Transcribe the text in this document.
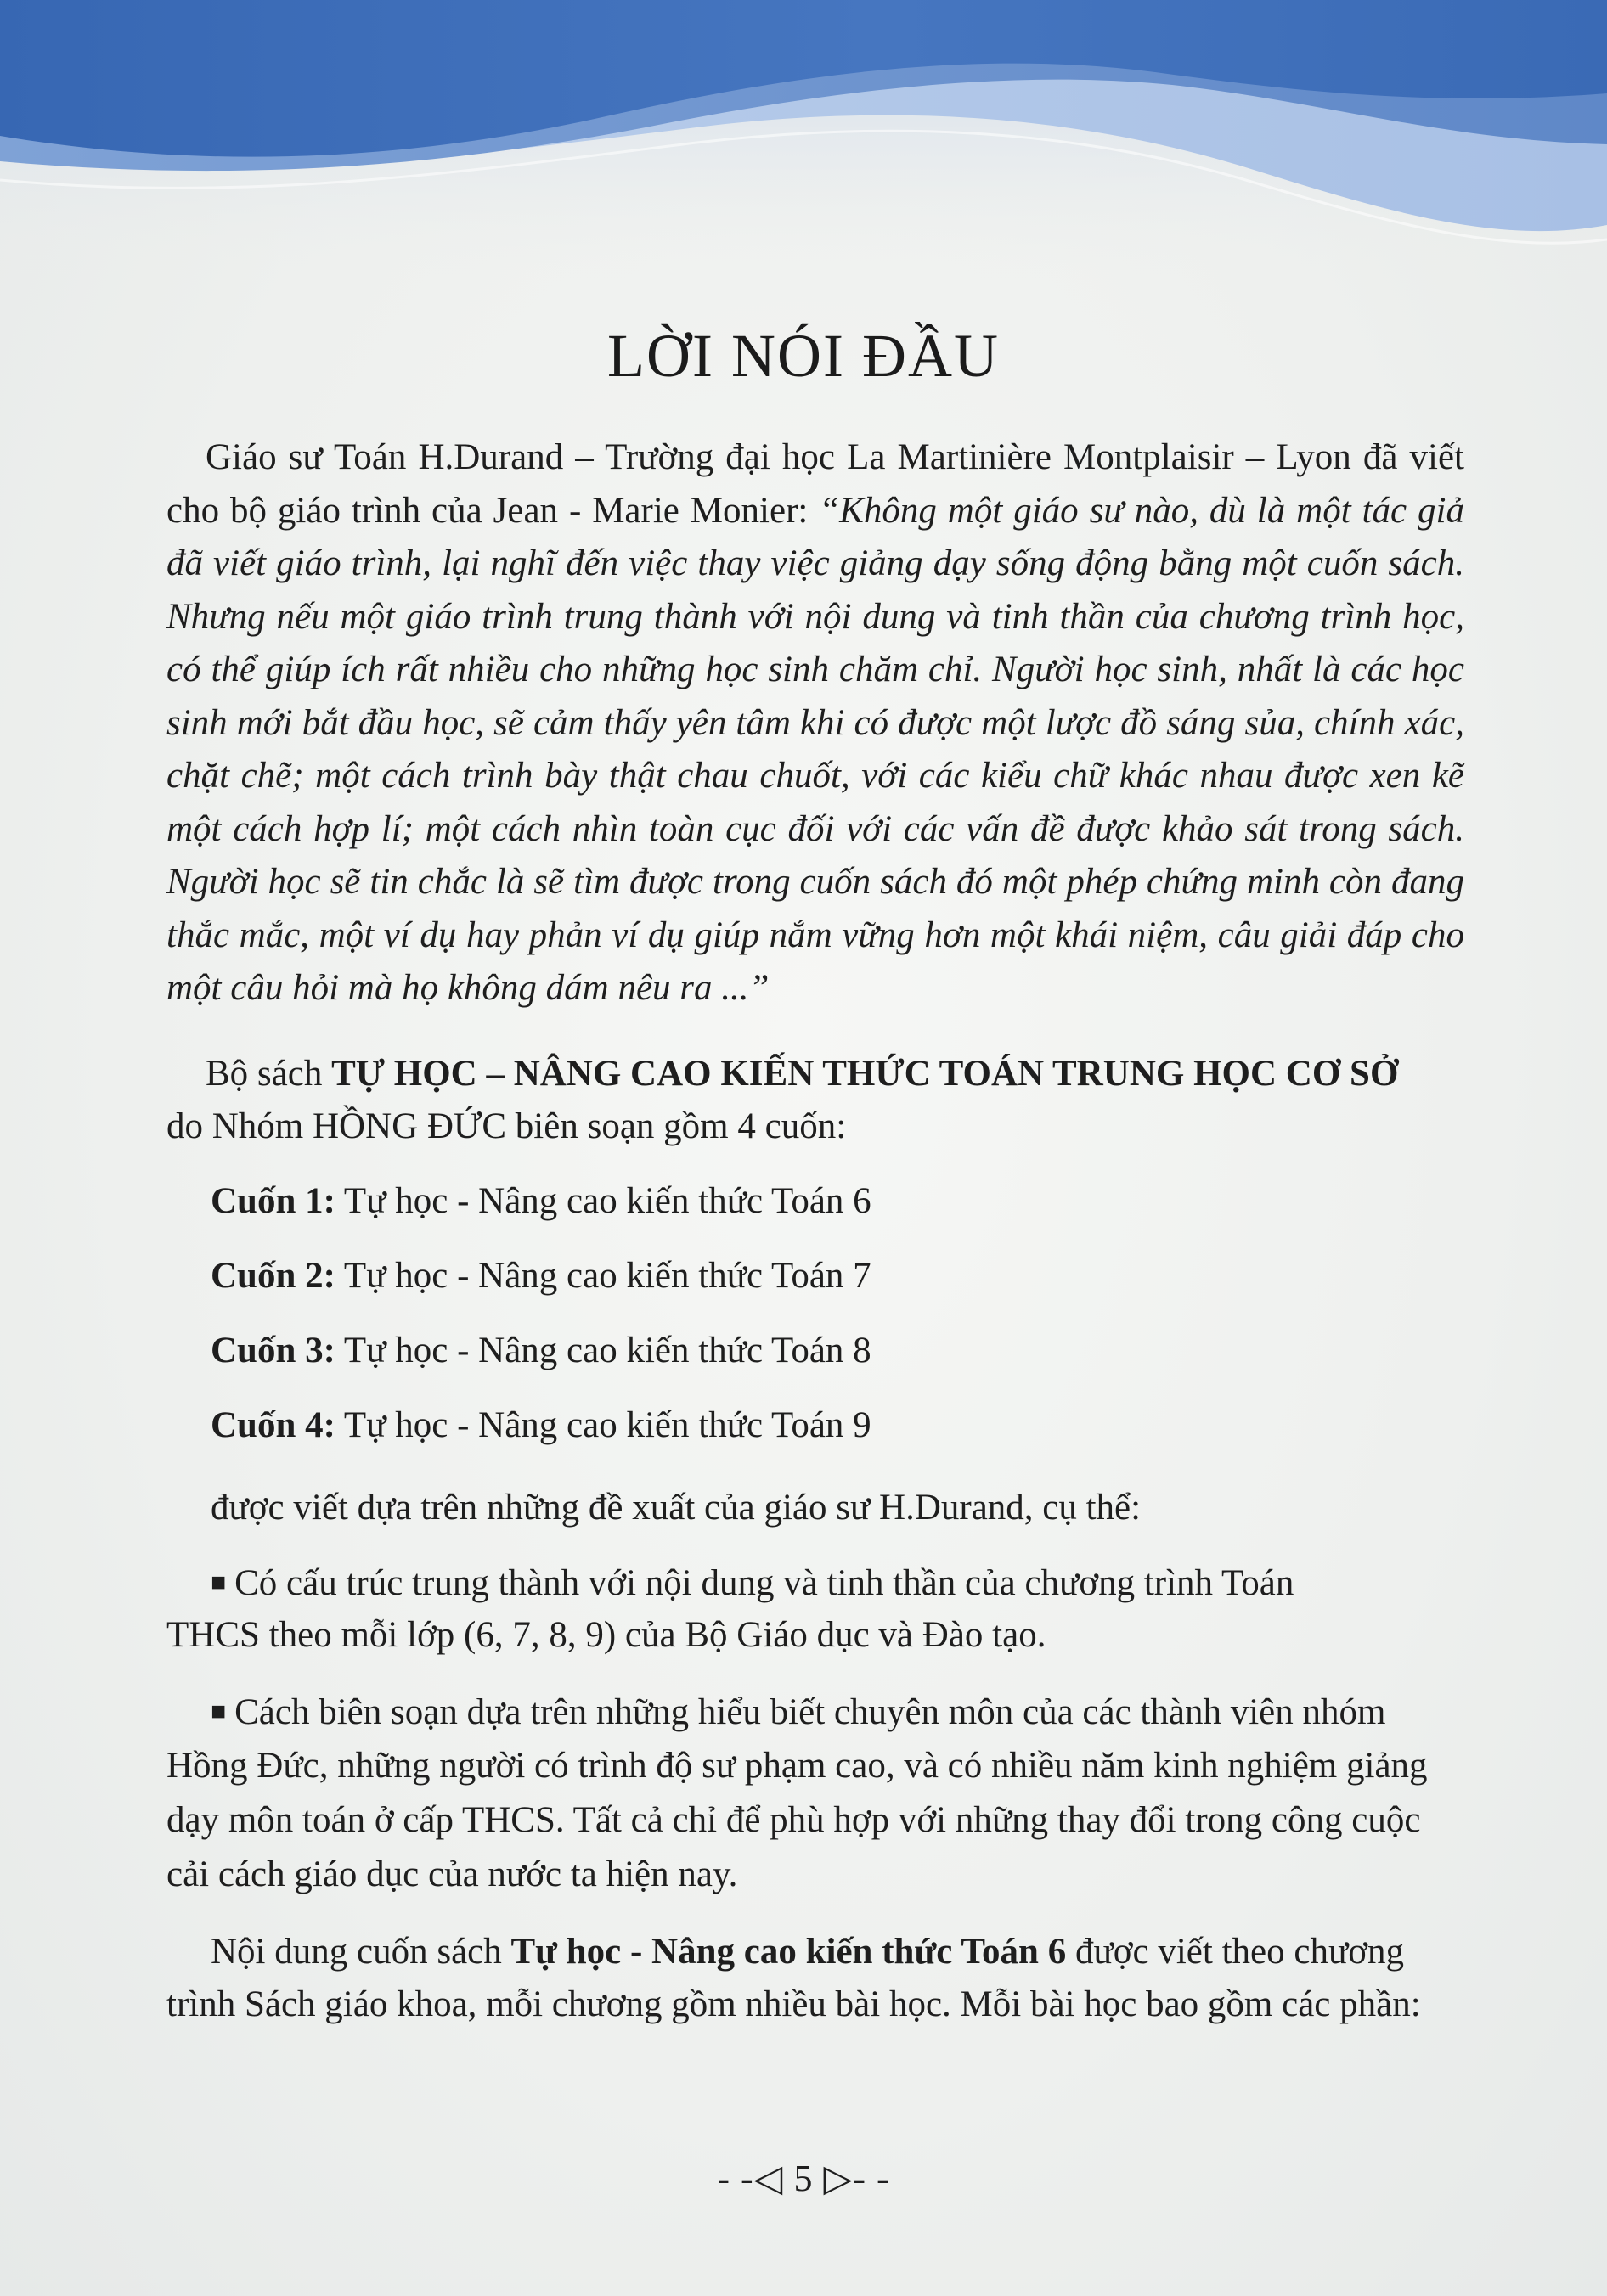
LỜI NÓI ĐẦU

Giáo sư Toán H.Durand – Trường đại học La Martinière Montplaisir – Lyon đã viết cho bộ giáo trình của Jean - Marie Monier: “Không một giáo sư nào, dù là một tác giả đã viết giáo trình, lại nghĩ đến việc thay việc giảng dạy sống động bằng một cuốn sách. Nhưng nếu một giáo trình trung thành với nội dung và tinh thần của chương trình học, có thể giúp ích rất nhiều cho những học sinh chăm chỉ. Người học sinh, nhất là các học sinh mới bắt đầu học, sẽ cảm thấy yên tâm khi có được một lược đồ sáng sủa, chính xác, chặt chẽ; một cách trình bày thật chau chuốt, với các kiểu chữ khác nhau được xen kẽ một cách hợp lí; một cách nhìn toàn cục đối với các vấn đề được khảo sát trong sách. Người học sẽ tin chắc là sẽ tìm được trong cuốn sách đó một phép chứng minh còn đang thắc mắc, một ví dụ hay phản ví dụ giúp nắm vững hơn một khái niệm, câu giải đáp cho một câu hỏi mà họ không dám nêu ra ...”

Bộ sách TỰ HỌC – NÂNG CAO KIẾN THỨC TOÁN TRUNG HỌC CƠ SỞ

do Nhóm HỒNG ĐỨC biên soạn gồm 4 cuốn:

Cuốn 1: Tự học - Nâng cao kiến thức Toán 6

Cuốn 2: Tự học - Nâng cao kiến thức Toán 7

Cuốn 3: Tự học - Nâng cao kiến thức Toán 8

Cuốn 4: Tự học - Nâng cao kiến thức Toán 9

được viết dựa trên những đề xuất của giáo sư H.Durand, cụ thể:

■ Có cấu trúc trung thành với nội dung và tinh thần của chương trình Toán

THCS theo mỗi lớp (6, 7, 8, 9) của Bộ Giáo dục và Đào tạo.

■ Cách biên soạn dựa trên những hiểu biết chuyên môn của các thành viên nhóm

Hồng Đức, những người có trình độ sư phạm cao, và có nhiều năm kinh nghiệm giảng

dạy môn toán ở cấp THCS. Tất cả chỉ để phù hợp với những thay đổi trong công cuộc

cải cách giáo dục của nước ta hiện nay.

Nội dung cuốn sách Tự học - Nâng cao kiến thức Toán 6 được viết theo chương

trình Sách giáo khoa, mỗi chương gồm nhiều bài học. Mỗi bài học bao gồm các phần:

- -◁ 5 ▷- -
